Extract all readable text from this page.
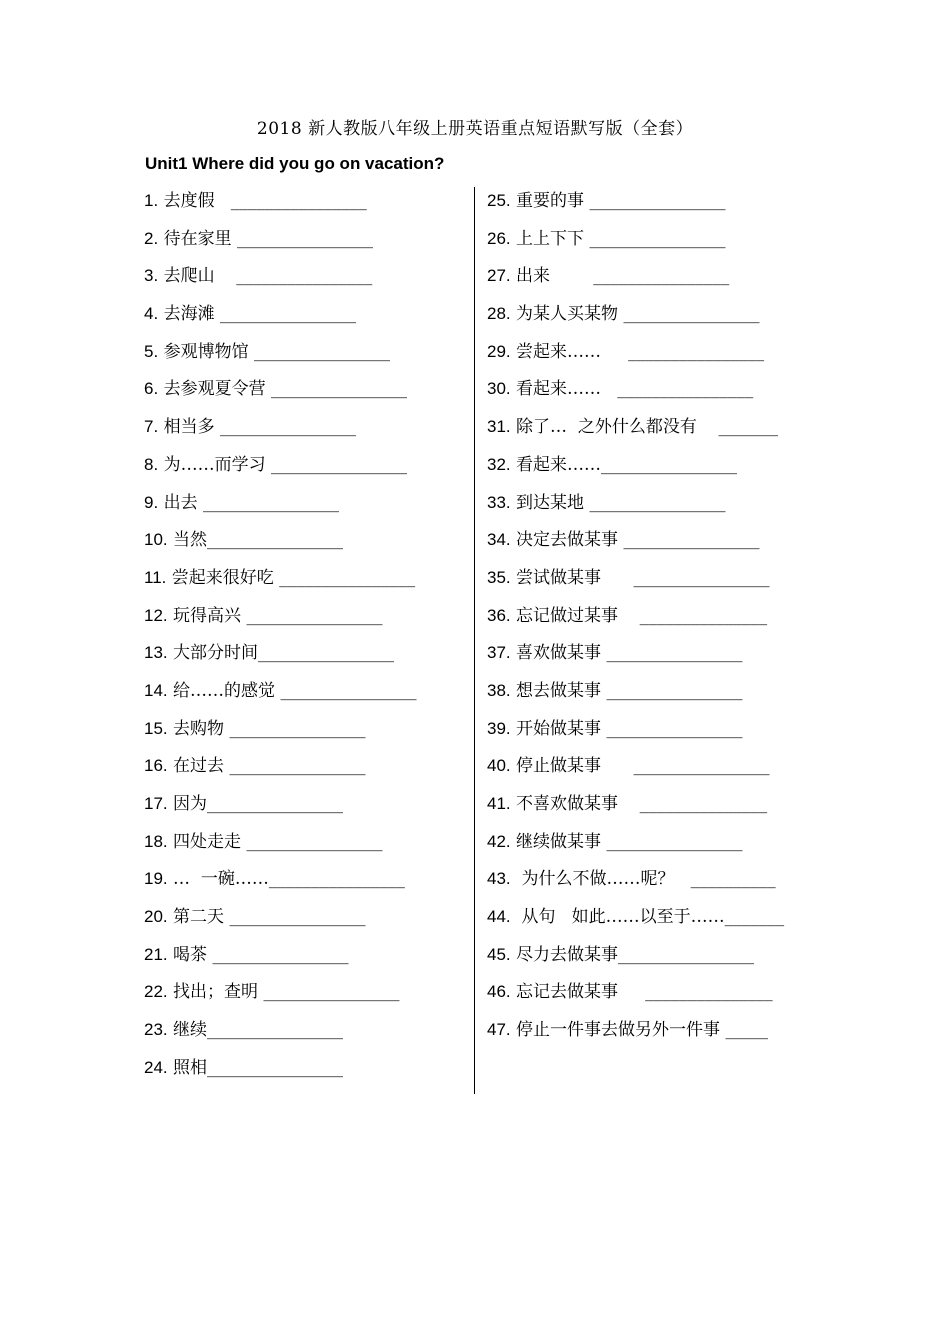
2018 新人教版八年级上册英语重点短语默写版（全套）
Unit1 Where did you go on vacation?
1. 去度假   ________________
2. 待在家里 ________________
3. 去爬山    ________________
4. 去海滩 ________________
5. 参观博物馆 ________________
6. 去参观夏令营 ________________
7. 相当多 ________________
8. 为……而学习 ________________
9. 出去 ________________
10. 当然________________
11. 尝起来很好吃 ________________
12. 玩得高兴 ________________
13. 大部分时间________________
14. 给……的感觉 ________________
15. 去购物 ________________
16. 在过去 ________________
17. 因为________________
18. 四处走走 ________________
19. …  一碗……________________
20. 第二天 ________________
21. 喝茶 ________________
22. 找出；查明 ________________
23. 继续________________
24. 照相________________
25. 重要的事 ________________
26. 上上下下 ________________
27. 出来        ________________
28. 为某人买某物 ________________
29. 尝起来……     ________________
30. 看起来……   ________________
31. 除了…  之外什么都没有    _______
32. 看起来……________________
33. 到达某地 ________________
34. 决定去做某事 ________________
35. 尝试做某事      ________________
36. 忘记做过某事    _______________
37. 喜欢做某事 ________________
38. 想去做某事 ________________
39. 开始做某事 ________________
40. 停止做某事      ________________
41. 不喜欢做某事    _______________
42. 继续做某事 ________________
43.  为什么不做……呢？   __________
44.  从句   如此……以至于……_______
45. 尽力去做某事________________
46. 忘记去做某事     _______________
47. 停止一件事去做另外一件事 _____
